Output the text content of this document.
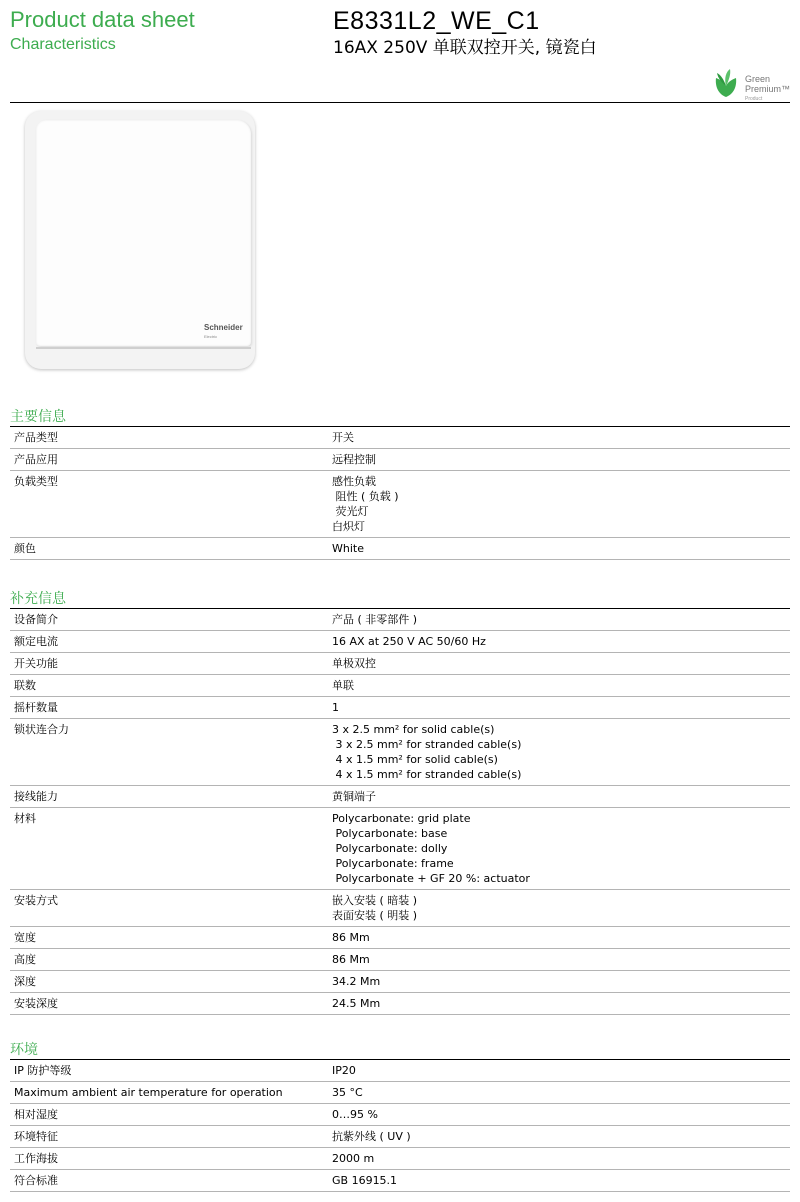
Product data sheet
Characteristics
E8331L2_WE_C1
16AX 250V 单联双控开关, 镜瓷白
Green
Premium™
Product
Schneider
Electric
主要信息
产品类型	开关
产品应用	远程控制
负载类型	感性负载
阻性 ( 负载 )
荧光灯
白炽灯
颜色	White
补充信息
设备简介	产品 ( 非零部件 )
额定电流	16 AX at 250 V AC 50/60 Hz
开关功能	单极双控
联数	单联
摇杆数量	1
锁状连合力	3 x 2.5 mm² for solid cable(s)
3 x 2.5 mm² for stranded cable(s)
4 x 1.5 mm² for solid cable(s)
4 x 1.5 mm² for stranded cable(s)
接线能力	黄铜端子
材料	Polycarbonate: grid plate
Polycarbonate: base
Polycarbonate: dolly
Polycarbonate: frame
Polycarbonate + GF 20 %: actuator
安装方式	嵌入安装 ( 暗装 )
表面安装 ( 明装 )
宽度	86 Mm
高度	86 Mm
深度	34.2 Mm
安装深度	24.5 Mm
环境
IP 防护等级	IP20
Maximum ambient air temperature for operation	35 °C
相对湿度	0…95 %
环境特征	抗紫外线 ( UV )
工作海拔	2000 m
符合标准	GB 16915.1
